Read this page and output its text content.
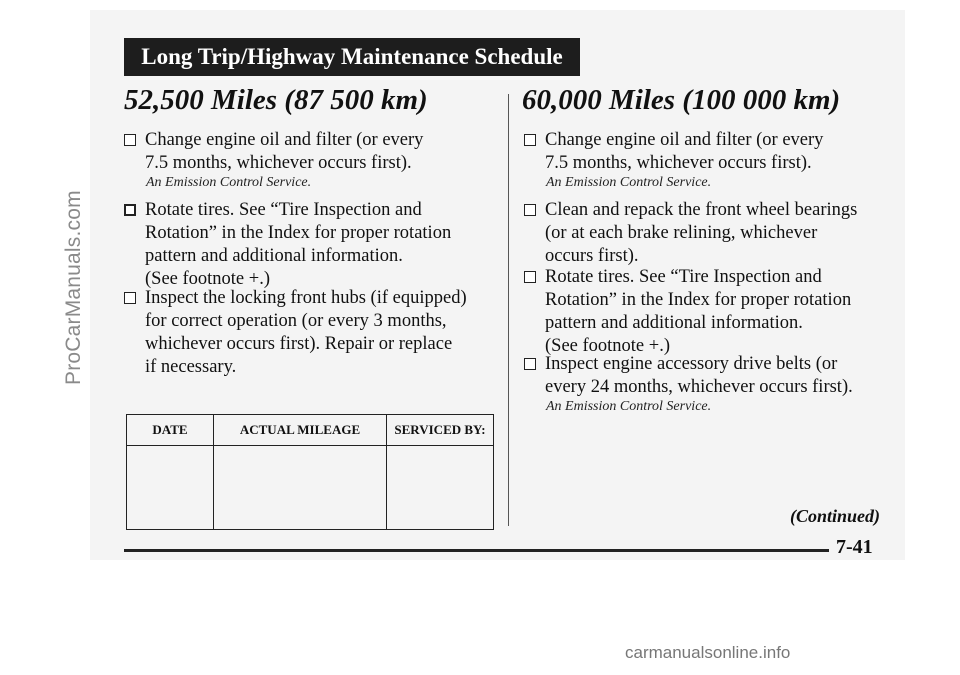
ProCarManuals.com
carmanualsonline.info
Long Trip/Highway Maintenance Schedule
52,500 Miles (87 500 km)
Change engine oil and filter (or every
7.5 months, whichever occurs first).
An Emission Control Service.
Rotate tires. See “Tire Inspection and
Rotation” in the Index for proper rotation
pattern and additional information.
(See footnote +.)
Inspect the locking front hubs (if equipped)
for correct operation (or every 3 months,
whichever occurs first). Repair or replace
if necessary.
DATE	ACTUAL MILEAGE	SERVICED BY:

60,000 Miles (100 000 km)
Change engine oil and filter (or every
7.5 months, whichever occurs first).
An Emission Control Service.
Clean and repack the front wheel bearings
(or at each brake relining, whichever
occurs first).
Rotate tires. See “Tire Inspection and
Rotation” in the Index for proper rotation
pattern and additional information.
(See footnote +.)
Inspect engine accessory drive belts (or
every 24 months, whichever occurs first).
An Emission Control Service.
(Continued)
7-41
